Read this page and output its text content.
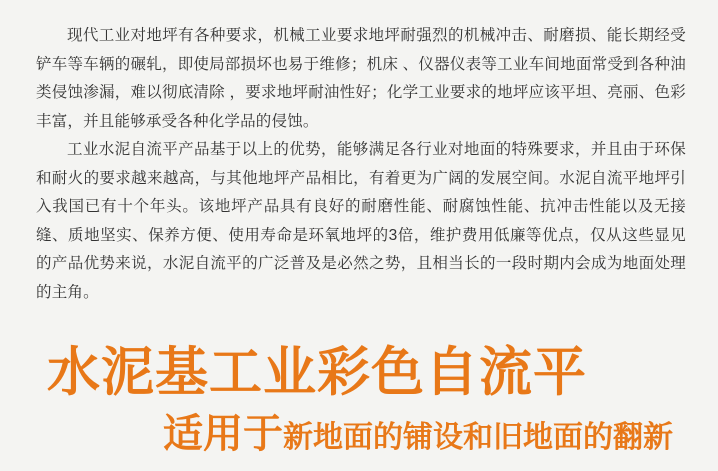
现代工业对地坪有各种要求，机械工业要求地坪耐强烈的机械冲击、耐磨损、能长期经受铲车等车辆的碾轧，即使局部损坏也易于维修；机床 、仪器仪表等工业车间地面常受到各种油类侵蚀渗漏，难以彻底清除 ，要求地坪耐油性好；化学工业要求的地坪应该平坦、亮丽、色彩丰富，并且能够承受各种化学品的侵蚀。

工业水泥自流平产品基于以上的优势，能够满足各行业对地面的特殊要求，并且由于环保和耐火的要求越来越高，与其他地坪产品相比，有着更为广阔的发展空间。水泥自流平地坪引入我国已有十个年头。该地坪产品具有良好的耐磨性能、耐腐蚀性能、抗冲击性能以及无接缝、质地坚实、保养方便、使用寿命是环氧地坪的3倍，维护费用低廉等优点，仅从这些显见的产品优势来说，水泥自流平的广泛普及是必然之势，且相当长的一段时期内会成为地面处理的主角。

水泥基工业彩色自流平
适用于新地面的铺设和旧地面的翻新
